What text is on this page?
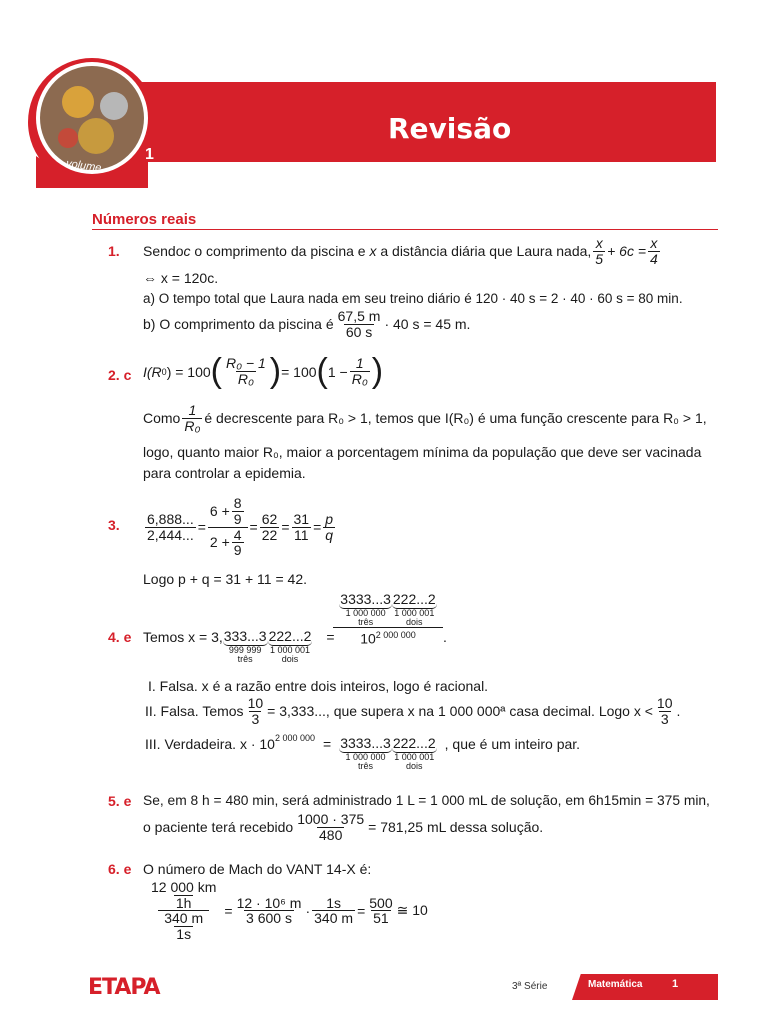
Revisão
volume
1
Números reais
1. Sendo c o comprimento da piscina e x a distância diária que Laura nada, $\frac{x}{5} + 6c = \frac{x}{4}$
⇔ x = 120c.
a) O tempo total que Laura nada em seu treino diário é 120 · 40 s = 2 · 40 · 60 s = 80 min.
b) O comprimento da piscina é $\frac{67,5 m}{60 s} \cdot 40$ s = 45 m.
2. c I(R 0 ) = 100 ( $\frac{\text{R₀ − 1}}{\text{R₀}}$ ) = 100 ( $1 - \frac{1}{\text{R₀}}$ )
Como $\frac{1}{\text{R₀}}$ é decrescente para R₀ > 1, temos que I(R₀) é uma função crescente para R₀ > 1,
logo, quanto maior R₀, maior a porcentagem mínima da população que deve ser vacinada
para controlar a epidemia.
3. $\frac{6,888...}{2,444...} = \frac{6 + \frac{8}{9}}{2 + \frac{4}{9}} = \frac{62}{22} = \frac{31}{11} = \frac{p}{q}$
Logo p + q = 31 + 11 = 42.
4. e Temos x = 3, 333...3
999 999
três
222...2
1 000 001
dois
=
3333...3
1 000 000
três
222...2
1 000 001
dois
$10^{2 000 000}$	.
I. Falsa. x é a razão entre dois inteiros, logo é racional.
II. Falsa. Temos $\frac{10}{3} = 3,333$..., que supera x na 1 000 000ª casa decimal. Logo $x < \frac{10}{3}$ .
III. Verdadeira. $x \cdot 10^{2 000 000} = 3333...3$
1 000 000
três
222...2
1 000 001
dois
, que é um inteiro par.
5. e Se, em 8 h = 480 min, será administrado 1 L = 1 000 mL de solução, em 6h15min = 375 min,
o paciente terá recebido $\frac{1000 \cdot 375}{480} = 781,25$ mL dessa solução.
6. e O número de Mach do VANT 14-X é:
$\frac{\frac{12 000 km}{1h}}{\frac{340 m}{1s}} = \frac{\text{12 · 10⁶ m}}{3 600 s} \cdot \frac{1s}{340 m} = \frac{500}{51}$ ≅ 10
ETAPA	3ª Série	Matemática	1
